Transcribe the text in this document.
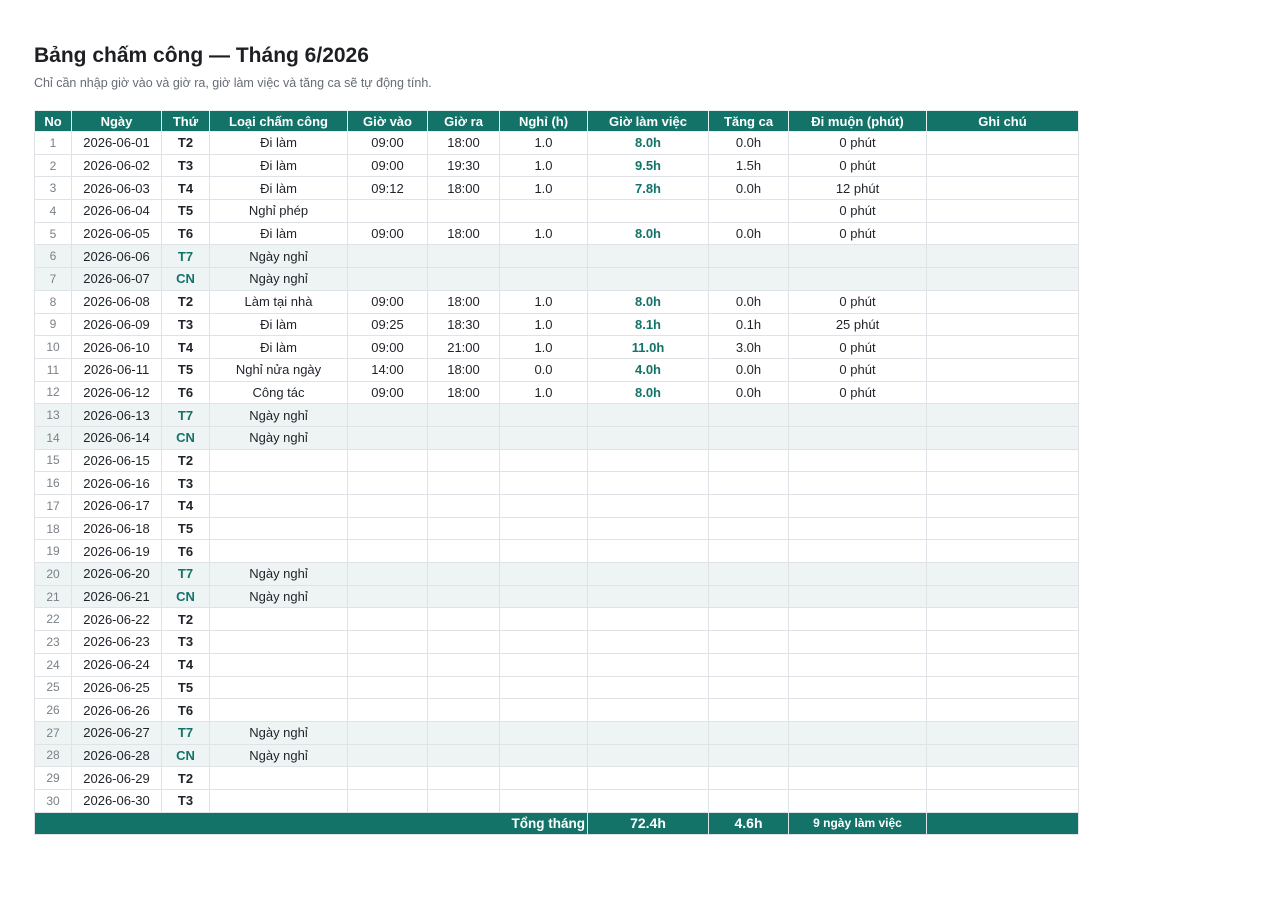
Bảng chấm công — Tháng 6/2026
Chỉ cần nhập giờ vào và giờ ra, giờ làm việc và tăng ca sẽ tự động tính.
No	Ngày	Thứ	Loại chấm công	Giờ vào	Giờ ra	Nghỉ (h)	Giờ làm việc	Tăng ca	Đi muộn (phút)	Ghi chú
1	2026-06-01	T2	Đi làm	09:00	18:00	1.0	8.0h	0.0h	0 phút	
2	2026-06-02	T3	Đi làm	09:00	19:30	1.0	9.5h	1.5h	0 phút	
3	2026-06-03	T4	Đi làm	09:12	18:00	1.0	7.8h	0.0h	12 phút	
4	2026-06-04	T5	Nghỉ phép						0 phút	
5	2026-06-05	T6	Đi làm	09:00	18:00	1.0	8.0h	0.0h	0 phút	
6	2026-06-06	T7	Ngày nghỉ							
7	2026-06-07	CN	Ngày nghỉ							
8	2026-06-08	T2	Làm tại nhà	09:00	18:00	1.0	8.0h	0.0h	0 phút	
9	2026-06-09	T3	Đi làm	09:25	18:30	1.0	8.1h	0.1h	25 phút	
10	2026-06-10	T4	Đi làm	09:00	21:00	1.0	11.0h	3.0h	0 phút	
11	2026-06-11	T5	Nghỉ nửa ngày	14:00	18:00	0.0	4.0h	0.0h	0 phút	
12	2026-06-12	T6	Công tác	09:00	18:00	1.0	8.0h	0.0h	0 phút	
13	2026-06-13	T7	Ngày nghỉ							
14	2026-06-14	CN	Ngày nghỉ							
15	2026-06-15	T2								
16	2026-06-16	T3								
17	2026-06-17	T4								
18	2026-06-18	T5								
19	2026-06-19	T6								
20	2026-06-20	T7	Ngày nghỉ							
21	2026-06-21	CN	Ngày nghỉ							
22	2026-06-22	T2								
23	2026-06-23	T3								
24	2026-06-24	T4								
25	2026-06-25	T5								
26	2026-06-26	T6								
27	2026-06-27	T7	Ngày nghỉ							
28	2026-06-28	CN	Ngày nghỉ							
29	2026-06-29	T2								
30	2026-06-30	T3								
Tổng tháng							72.4h	4.6h	9 ngày làm việc	
